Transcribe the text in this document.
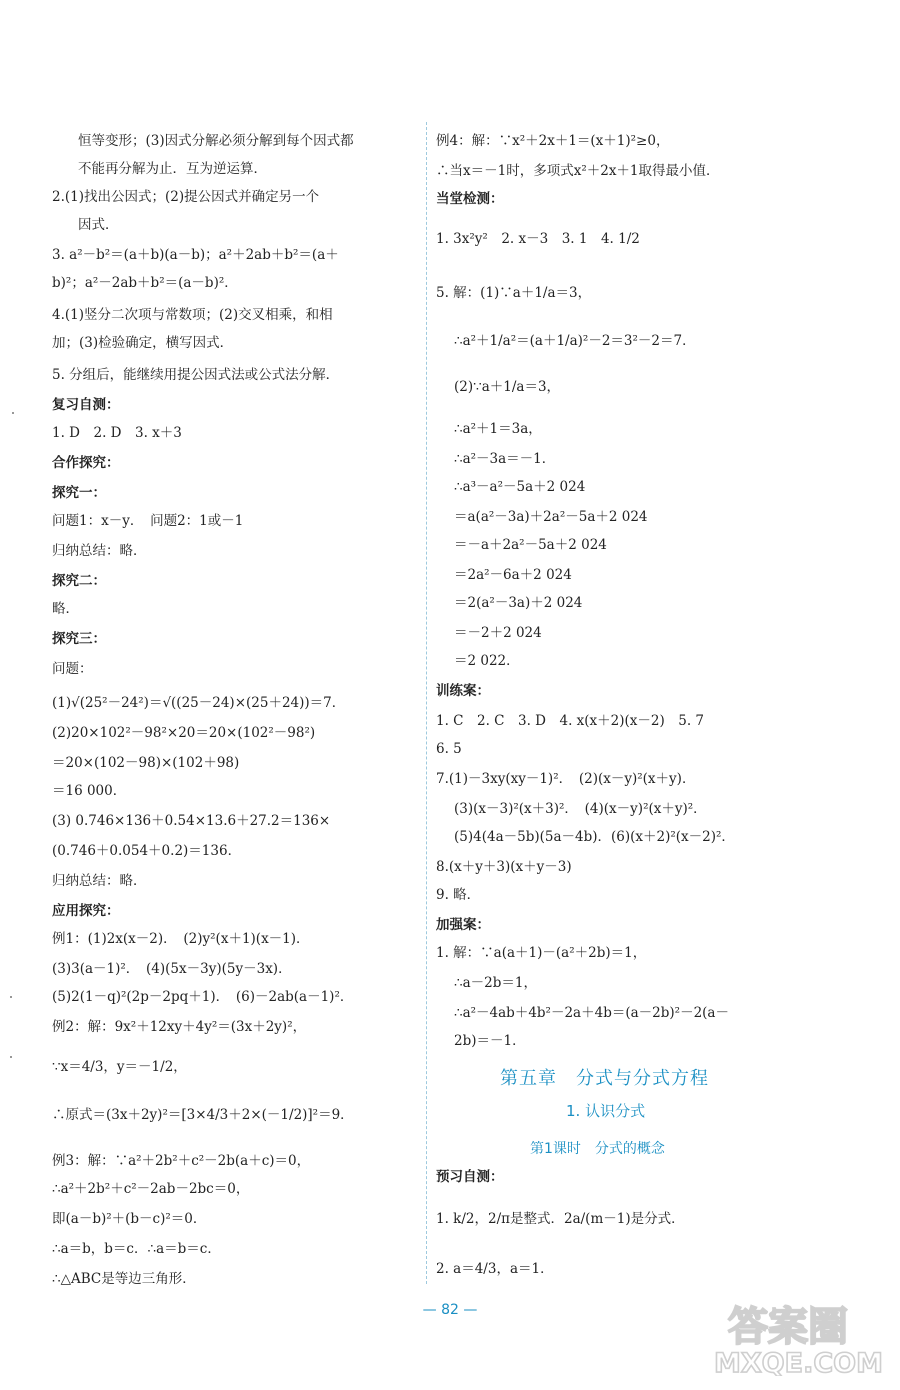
恒等变形；(3)因式分解必须分解到每个因式都
不能再分解为止．互为逆运算．
2.(1)找出公因式；(2)提公因式并确定另一个
因式．
3. a²－b²＝(a＋b)(a－b)；a²＋2ab＋b²＝(a＋
b)²；a²－2ab＋b²＝(a－b)²．
4.(1)竖分二次项与常数项；(2)交叉相乘，和相
加；(3)检验确定，横写因式．
5. 分组后，能继续用提公因式法或公式法分解．
复习自测：
1. D　2. D　3. x＋3
合作探究：
探究一：
问题1：x－y．　问题2：1或－1
归纳总结：略．
探究二：
略．
探究三：
问题：
(1)√(25²－24²)＝√((25－24)×(25＋24))＝7．
(2)20×102²－98²×20＝20×(102²－98²)
＝20×(102－98)×(102＋98)
＝16 000．
(3) 0.746×136＋0.54×13.6＋27.2＝136×
(0.746＋0.054＋0.2)＝136．
归纳总结：略．
应用探究：
例1：(1)2x(x－2)．　(2)y²(x＋1)(x－1)．
(3)3(a－1)²．　(4)(5x－3y)(5y－3x)．
(5)2(1－q)²(2p－2pq＋1)．　(6)－2ab(a－1)²．
例2：解：9x²＋12xy＋4y²＝(3x＋2y)²，
∵x＝4/3，y＝－1/2，
∴原式＝(3x＋2y)²＝[3×4/3＋2×(－1/2)]²＝9．
例3：解：∵a²＋2b²＋c²－2b(a＋c)＝0，
∴a²＋2b²＋c²－2ab－2bc＝0，
即(a－b)²＋(b－c)²＝0．
∴a＝b，b＝c．∴a＝b＝c．
∴△ABC是等边三角形．
例4：解：∵x²＋2x＋1＝(x＋1)²≥0，
∴当x＝－1时，多项式x²＋2x＋1取得最小值．
当堂检测：
1. 3x²y²　2. x－3　3. 1　4. 1/2
5. 解：(1)∵a＋1/a＝3，
∴a²＋1/a²＝(a＋1/a)²－2＝3²－2＝7．
(2)∵a＋1/a＝3，
∴a²＋1＝3a，
∴a²－3a＝－1．
∴a³－a²－5a＋2 024
＝a(a²－3a)＋2a²－5a＋2 024
＝－a＋2a²－5a＋2 024
＝2a²－6a＋2 024
＝2(a²－3a)＋2 024
＝－2＋2 024
＝2 022．
训练案：
1. C　2. C　3. D　4. x(x＋2)(x－2)　5. 7
6. 5
7.(1)－3xy(xy－1)²．　(2)(x－y)²(x＋y)．
(3)(x－3)²(x＋3)²．　(4)(x－y)²(x＋y)²．
(5)4(4a－5b)(5a－4b)．(6)(x＋2)²(x－2)²．
8.(x＋y＋3)(x＋y－3)
9. 略．
加强案：
1. 解：∵a(a＋1)－(a²＋2b)＝1，
∴a－2b＝1，
∴a²－4ab＋4b²－2a＋4b＝(a－2b)²－2(a－
2b)＝－1．
预习自测：
1. k/2，2/π是整式．2a/(m－1)是分式．
2. a＝4/3，a＝1．
第五章　分式与分式方程
1. 认识分式
第1课时　分式的概念
— 82 —	答案圈
MXQE.COM
